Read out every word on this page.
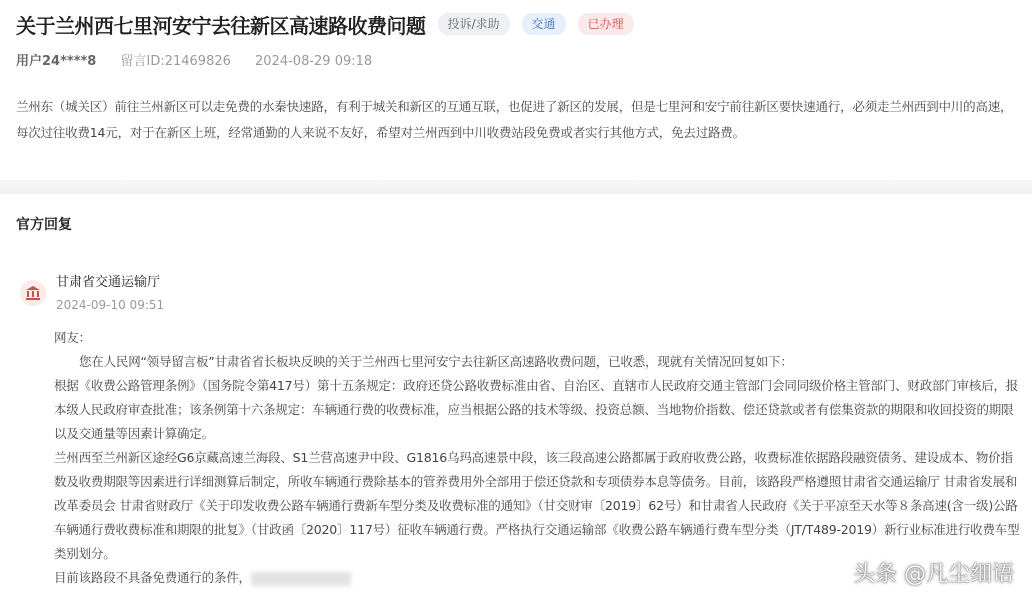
关于兰州西七里河安宁去往新区高速路收费问题	投诉/求助	交通	已办理
用户24****8 留言ID:21469826 2024-08-29 09:18
兰州东（城关区）前往兰州新区可以走免费的水秦快速路，有利于城关和新区的互通互联，也促进了新区的发展，但是七里河和安宁前往新区要快速通行，必须走兰州西到中川的高速，每次过往收费14元，对于在新区上班，经常通勤的人来说不友好，希望对兰州西到中川收费站段免费或者实行其他方式，免去过路费。
官方回复
甘肃省交通运输厅
2024-09-10 09:51

网友：

您在人民网“领导留言板”甘肃省省长板块反映的关于兰州西七里河安宁去往新区高速路收费问题，已收悉，现就有关情况回复如下：

根据《收费公路管理条例》（国务院令第417号）第十五条规定：政府还贷公路收费标准由省、自治区、直辖市人民政府交通主管部门会同同级价格主管部门、财政部门审核后，报本级人民政府审查批准；该条例第十六条规定：车辆通行费的收费标准，应当根据公路的技术等级、投资总额、当地物价指数、偿还贷款或者有偿集资款的期限和收回投资的期限以及交通量等因素计算确定。

兰州西至兰州新区途经G6京藏高速兰海段、S1兰营高速尹中段、G1816乌玛高速景中段，该三段高速公路都属于政府收费公路，收费标准依据路段融资债务、建设成本、物价指数及收费期限等因素进行详细测算后制定，所收车辆通行费除基本的管养费用外全部用于偿还贷款和专项债券本息等债务。目前，该路段严格遵照甘肃省交通运输厅 甘肃省发展和改革委员会 甘肃省财政厅《关于印发收费公路车辆通行费新车型分类及收费标准的通知》（甘交财审〔2019〕62号）和甘肃省人民政府《关于平凉至天水等８条高速(含一级)公路车辆通行费收费标准和期限的批复》（甘政函〔2020〕117号）征收车辆通行费。严格执行交通运输部《收费公路车辆通行费车型分类（JT/T489-2019）新行业标准进行收费车型类别划分。

目前该路段不具备免费通行的条件，	头条 @凡尘细语
